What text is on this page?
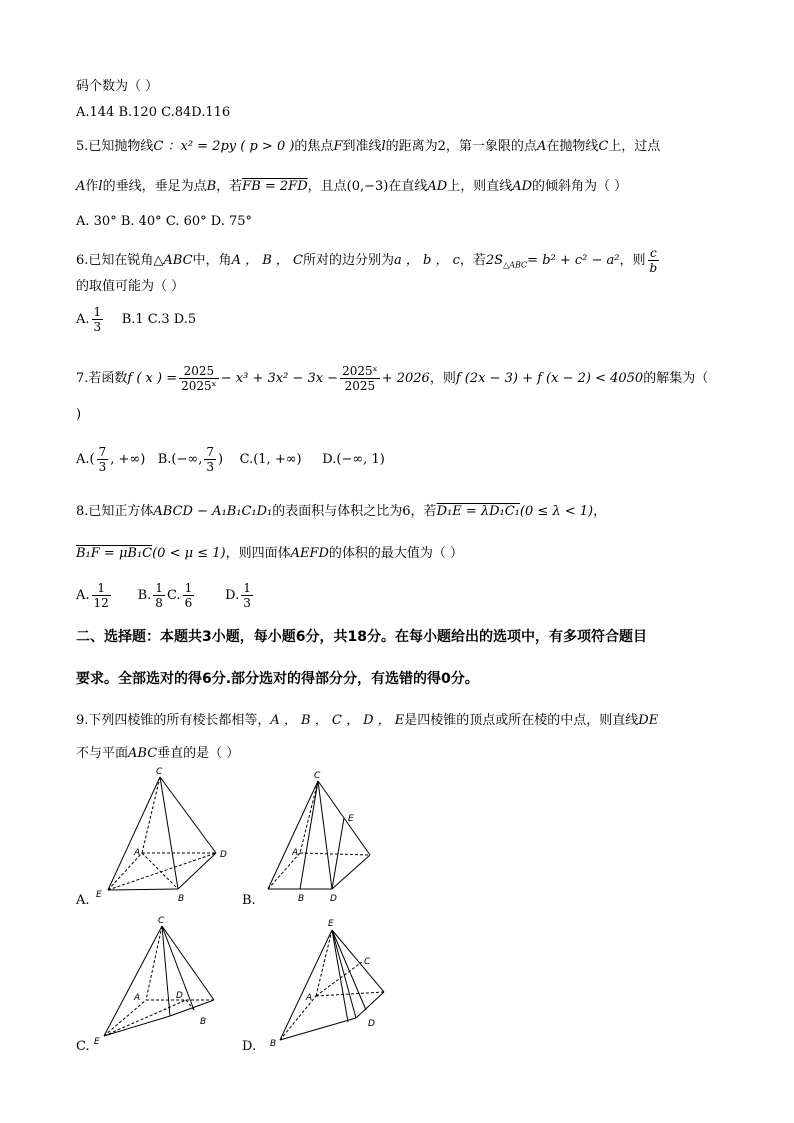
码个数为（ ）
A.144 B.120 C.84D.116
5.已知抛物线C ：x² = 2py ( p > 0 )的焦点F到准线l的距离为2，第一象限的点A在抛物线C上，过点
A作l的垂线，垂足为点B，若FB = 2FD，且点(0,−3)在直线AD上，则直线AD的倾斜角为（ ）
A. 30° B. 40° C. 60° D. 75°
6.已知在锐角△ABC中，角A ， B ， C所对的边分别为a ， b ， c，若$2S_{\triangle ABC}= b^2 + c^2 - a^2$，则 $\frac{c}{b}$
的取值可能为（ ）
A. $\frac{1}{3} B.1$ C.3 D.5
7.若函数f ( x ) = $\frac{2025}{\text{2025ˣ}} - x^3 + 3x^2 - 3x - \frac{\text{2025ˣ}}{2025} + 2026$，则f (2x − 3) + f (x − 2) < 4050的解集为（
)
$A.( \frac{7}{3}$ , +∞) B.(−∞, $\frac{7}{3}$ ) C.(1, +∞) D.(−∞, 1)
8.已知正方体ABCD − A₁B₁C₁D₁的表面积与体积之比为6，若D₁E = λD₁C₁(0 ≤ λ < 1)，
B₁F = μB₁C(0 < μ ≤ 1)，则四面体AEFD的体积的最大值为（ ）
A. $\frac{1}{12} B$. $\frac{1}{8} C$. $\frac{1}{6} D$. $\frac{1}{3}$
二、选择题：本题共3小题，每小题6分，共18分。在每小题给出的选项中，有多项符合题目
要求。全部选对的得6分.部分选对的得部分分，有选错的得0分。
9.下列四棱锥的所有棱长都相等，A ， B ， C ， D ， E是四棱锥的顶点或所在棱的中点，则直线DE
不与平面ABC垂直的是（ ）
A.
C
A	D
E	B	B.
C
E
A
B	D
C.
C
A	D
B
E	D.
E
C
A
D
B
